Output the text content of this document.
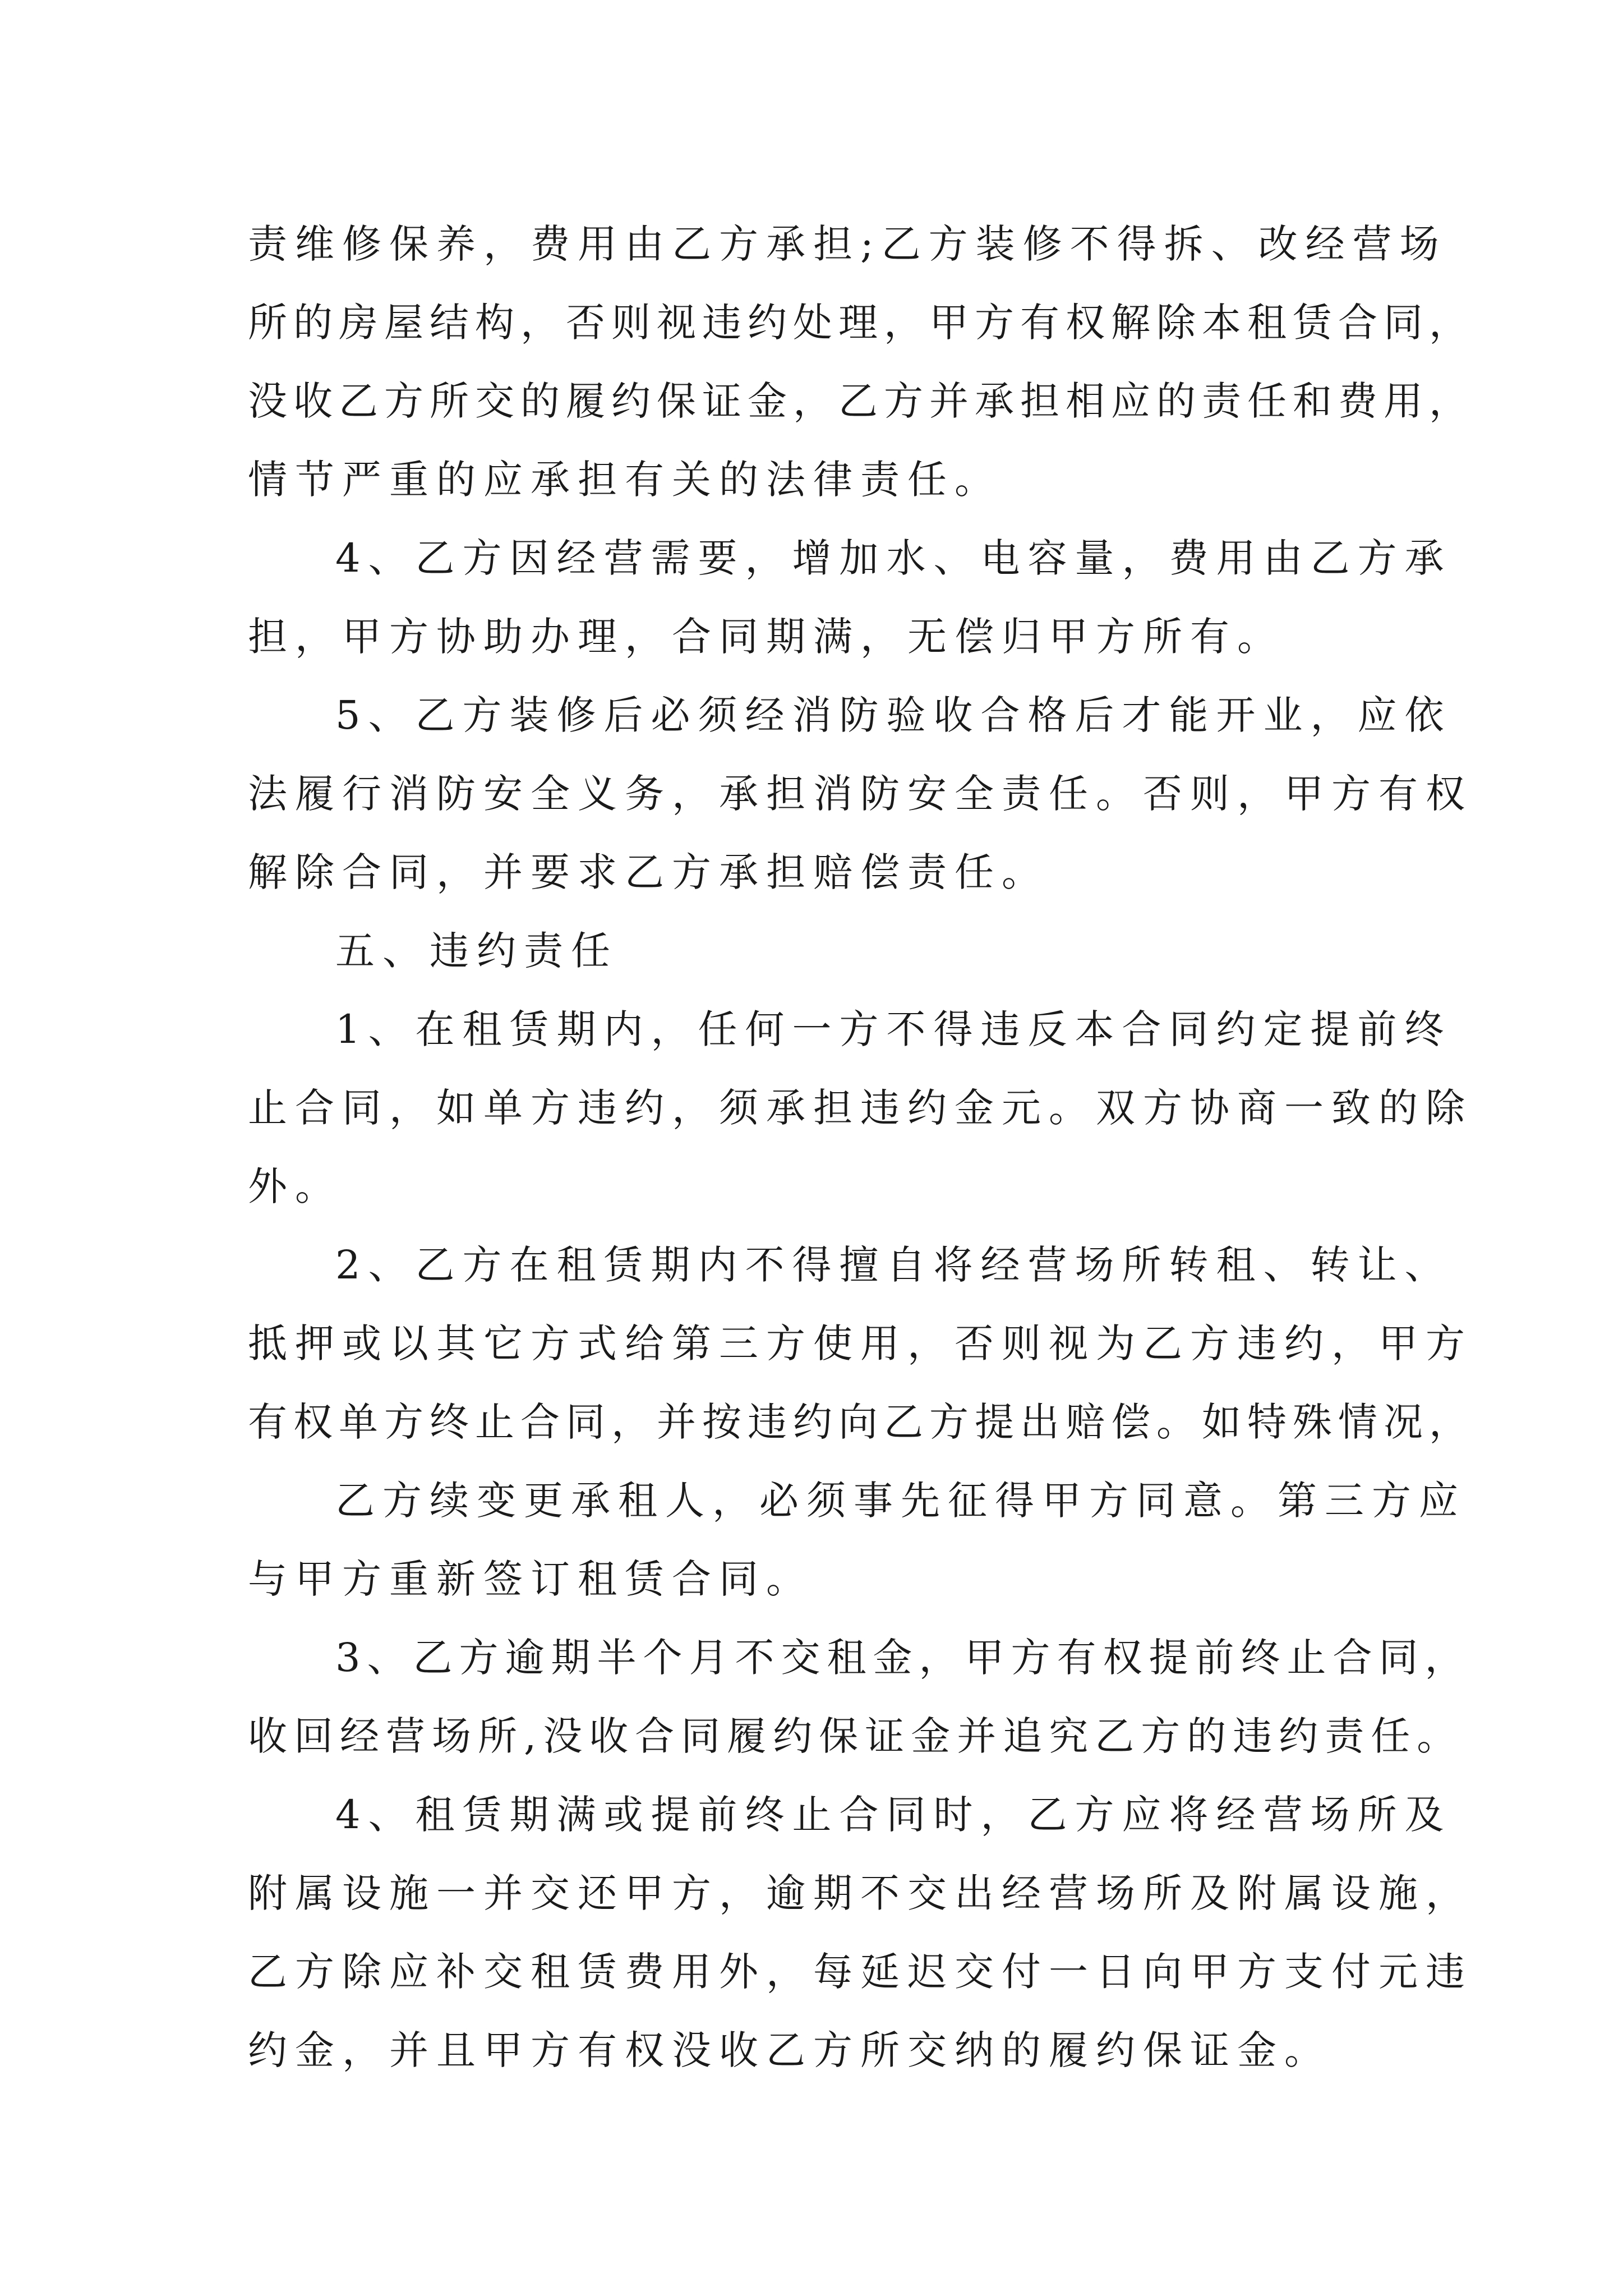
责维修保养，费用由乙方承担;乙方装修不得拆、改经营场
所的房屋结构，否则视违约处理，甲方有权解除本租赁合同，
没收乙方所交的履约保证金，乙方并承担相应的责任和费用，
情节严重的应承担有关的法律责任。
4、乙方因经营需要，增加水、电容量，费用由乙方承
担，甲方协助办理，合同期满，无偿归甲方所有。
5、乙方装修后必须经消防验收合格后才能开业，应依
法履行消防安全义务，承担消防安全责任。否则，甲方有权
解除合同，并要求乙方承担赔偿责任。
五、违约责任
1、在租赁期内，任何一方不得违反本合同约定提前终
止合同，如单方违约，须承担违约金元。双方协商一致的除
外。
2、乙方在租赁期内不得擅自将经营场所转租、转让、
抵押或以其它方式给第三方使用，否则视为乙方违约，甲方
有权单方终止合同，并按违约向乙方提出赔偿。如特殊情况，
乙方续变更承租人，必须事先征得甲方同意。第三方应
与甲方重新签订租赁合同。
3、乙方逾期半个月不交租金，甲方有权提前终止合同，
收回经营场所,没收合同履约保证金并追究乙方的违约责任。
4、租赁期满或提前终止合同时，乙方应将经营场所及
附属设施一并交还甲方，逾期不交出经营场所及附属设施，
乙方除应补交租赁费用外，每延迟交付一日向甲方支付元违
约金，并且甲方有权没收乙方所交纳的履约保证金。
